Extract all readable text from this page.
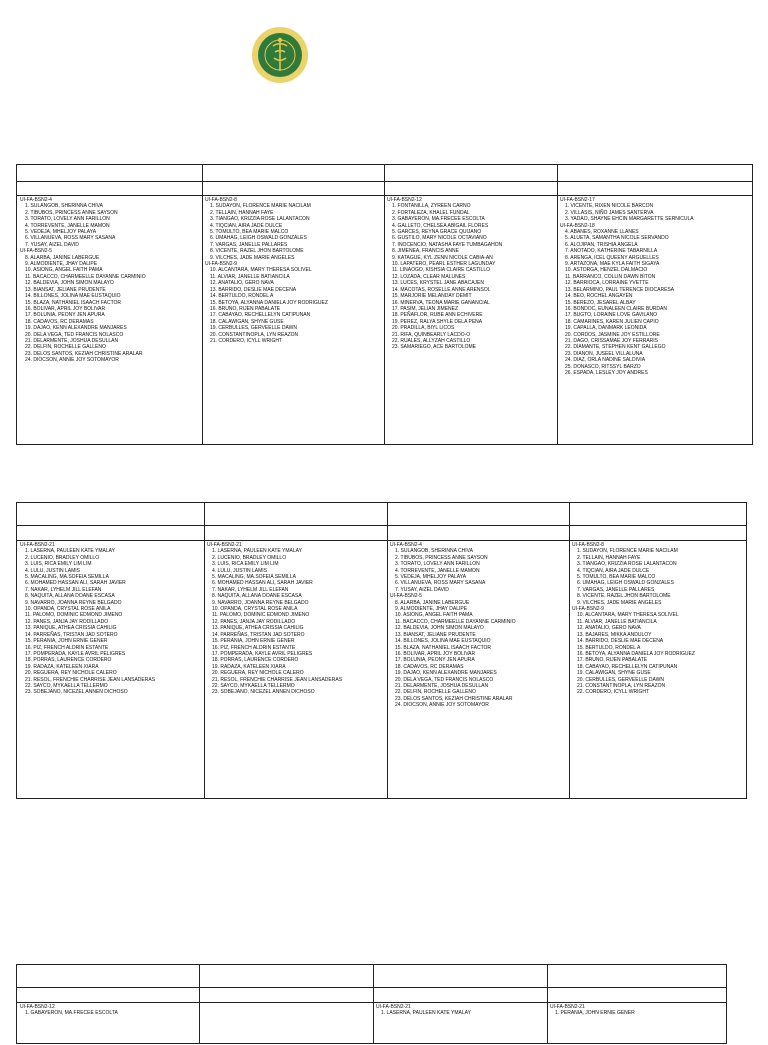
UI-FA-BSN2-4
1. SULANGOB, SHERINNA CHIVA
2. TIBUBOS, PRINCESS ANNE SAYSON
3. TORATO, LOVELY ANN FARILLON
4. TORREVENTE, JANELLE MAMON
5. VEDEJA, MHELJOY PALAYA
6. VILLANUEVA, ROSS MARY SASANA
7. YUSAY, AIZEL DAVID
UI-FA-BSN2-5
8. ALARBA, JANINE LABERGUE
9. ALMODIENTE, JHAY DALIPE
10. ASIONG, ANGEL FAITH PAMA
11. BACACCO, CHARMEELLE DAYANNE CARMINIO
12. BALDEVIA, JOHN SIMON MALAYO
13. BIANSAT, JELIANE PRUDENTE
14. BILLONES, JOLINA MAE EUSTAQUIO
15. BLAZA, NATHANIEL ISAACH FACTOR
16. BOLIVAR, APRIL JOY BOLIVAR
17. BOLUNIA, PEONY JEN APURA
18. CADAVOS, RC DERAMAS
19. DAJAO, KENN ALEXANDRE MANJARES
20. DELA VEGA, TED FRANCIS NOLASCO
21. DELARMENTE, JOSHUA DESULLAN
22. DELFIN, ROCHELLE GALLENO
23. DELOS SANTOS, KEZIAH CHRISTINE ARALAR
24. DIOCSON, ANNIE JOY SOTOMAYOR
UI-FA-BSN2-8
1. SUDAYON, FLORENCE MARIE NACILAM
2. TELLAIN, HANNAH FAYE
3. TIANGAO, KRIZZIA ROSE LALANTACON
4. TIQCIAN, AIRA JADE DULCE
5. TOMULTO, BEA MARIE MALCO
6. UMAHAG, LEIGH OSWALD GONZALES
7. VARGAS, JANELLE PALLARES
8. VICENTE, RAZEL JHON BARTOLOME
9. VILCHES, JADE MARIE ANGELES
UI-FA-BSN2-9
10. ALCANTARA, MARY THERESA SOLIVEL
11. ALVIAR, JANELLE BATIANCILA
12. ANATALIO, GERO NAVA
13. BARRIDO, DESLIE MAE DECENA
14. BERTULDO, RONDEL A
15. BETOYA, ALYANNA DANIELA JOY RODRIGUEZ
16. BRUNO, RIJEN PABALATE
17. CABAYAO, RECHELLELYN CATIPUNAN
18. CALAWIGAN, SHYNE GUSE
19. CERBULLES, GERVEELLE DAWN
20. CONSTANTINOPLA, LYN REAZON
21. CORDERO, ICYLL WRIGHT
UI-FA-BSN2-12
1. FONTANILLA, ZYREEN CARNO
2. FORTALEZA, KHALEL FUNDAL
3. GABAYERON, MA.FRECEE ESCOLTA
4. GALLETO, CHELSEA ABIGAIL FLORES
5. GARCES, REYNA GRACE QUIJANO
6. GUSTILO, MARY NICOLE OCTAVIANO
7. INOCENCIO, NATASHA FAYE TUMBAGAHON
8. JIMENEA, FRANCIS ANNE
9. KATAGUE, KYL ZENN NICOLE CABIA-AN
10. LAPATERO, PEARL ESTHER LAGUNDAY
11. LINAOGO, KISHSIA CLAIRE CASTILLO
12. LOZADA, CLEAR MALUNES
13. LUCES, KRYSTEL JANE ABACAJEN
14. MACOTAS, ROSELLE ANNE ARENSOL
15. MARJORIE MELANDAY DEMIT
16. MINERVA, TEONA MARIE GANANCIAL
17. PASIM, JELIAN JIMENEZ
18. PEÑAFLOR, RUBE ANN ECHIVERE
19. PEREZ, RALYA SHYLE DELA PENA
20. PRADILLA, BIYL LICOS
21. RIFA, QUINBEARLY LACDO-O
22. RUALES, ALLYZAH CASTILLO
23. SAMARIEGO, ACE BARTOLOME
UI-FA-BSN2-17
1. VICENTE, RIXEN NICOLE BARCON
2. VILLASIS, NIÑO JAMES SANTERVA
3. YADAO, SHAYNE EHCIN MARGARETTE SERNICULA
UI-FA-BSN2-18
4. ABANES, ROXANNE LLANES
5. ALUETA, SAMANTHA NICOLE SERVANDO
6. ALOJIPAN, TRISHIA ANGELA
7. ANOTADO, KATHERINE TABARNILLA
8. ARENGA, ICEL QUEENY ARGUELLES
9. ARTAZONA, MAE KYLA FAITH SIGAYA
10. ASTORGA, HENZEL DALMACIO
11. BARRANCO, COLLIN DAWN BITON
12. BARRIOCA, LORRAINE YVETTE
13. BELARMINO, PAUL TERENCE DIOCARESA
14. BEO, ROCHEL ANGAYEN
15. BEREZO, JESAREL ALBAY
16. BONDOC, EUNALEEN CLAIRE BURDAN
17. BUGTO, LORAINE LOVE GAVILANO
18. CAMARINES, KAREN JULIEN CAPIO
19. CAPALLA, DANMARK LEONIDA
20. CORDOS, JASMINE JOY ESTILLORE
21. DAGO, CRISSAMAE JOY FERRARIS
22. DIAMANTE, STEPHEN KENT GALLEGO
23. DIANON, JUSEEL VILLALUNA
24. DIAZ, ORLA NADINE SALDIVIA
25. DONASCO, RITSSYL BARZO
26. ESPADA, LESLEY JOY ANDRES
UI-FA-BSN2-21
1. LASERNA, PAULEEN KATE YMALAY
2. LUCENIO, BRADLEY OMILLO
3. LUIS, RICA EMILY LIM LIM
4. LULU, JUSTIN LAMIS
5. MACALING, MA.SOFEIA SEMILLA
6. MOHAMED HASSAN ALI, SARAH JAVIER
7. NAKAR, LYHELM JILL ELEFAN
8. NAQUITA, ALLANA DOANE ESCASA
9. NAVARRO, JOANNA REYNE BELGADO
10. OPANDA, CRYSTAL ROSE ANILA
11. PALOMO, DOMINIC EDMOND JIMENO
12. PANES, JANJA JAY RODILLADO
13. PANIQUE, ATHEA CRISSIA CAHILIG
14. PARREÑAS, TRISTAN JAD SOTERO
15. PERANIA, JOHN ERNIE GENER
16. PIZ, FRENCH ALDRIN ESTANTE
17. POMPERADA, KAYLE AVRIL PELIGRES
18. PORRAS, LAURENCE CORDERO
19. RADAZA, KATELEEN XIARA
20. REGUERA, REY NICHOLE CALERO
21. RESOL, FRENCHIE CHARRISE JEAN LANSADERAS
22. SAYCO, MYKAELLA TELLERMO
23. SOBEJANO, NICEZEL ANNEN DICHOSO
UI-FA-BSN2-21
1. LASERNA, PAULEEN KATE YMALAY
2. LUCENIO, BRADLEY OMILLO
3. LUIS, RICA EMILY LIM LIM
4. LULU, JUSTIN LAMIS
5. MACALING, MA.SOFEIA SEMILLA
6. MOHAMED HASSAN ALI, SARAH JAVIER
7. NAKAR, LYHELM JILL ELEFAN
8. NAQUITA, ALLANA DOANE ESCASA
9. NAVARRO, JOANNA REYNE BELGADO
10. OPANDA, CRYSTAL ROSE ANILA
11. PALOMO, DOMINIC EDMOND JIMENO
12. PANES, JANJA JAY RODILLADO
13. PANIQUE, ATHEA CRISSIA CAHILIG
14. PARREÑAS, TRISTAN JAD SOTERO
15. PERANIA, JOHN ERNIE GENER
16. PIZ, FRENCH ALDRIN ESTANTE
17. POMPERADA, KAYLE AVRIL PELIGRES
18. PORRAS, LAURENCE CORDERO
19. RADAZA, KATELEEN XIARA
20. REGUERA, REY NICHOLE CALERO
21. RESOL, FRENCHIE CHARRISE JEAN LANSADERAS
22. SAYCO, MYKAELLA TELLERMO
23. SOBEJANO, NICEZEL ANNEN DICHOSO
UI-FA-BSN2-4
1. SULANGOB, SHERINNA CHIVA
2. TIBUBOS, PRINCESS ANNE SAYSON
3. TORATO, LOVELY ANN FARILLON
4. TORREVENTE, JANELLE MAMON
5. VEDEJA, MHELJOY PALAYA
6. VILLANUEVA, ROSS MARY SASANA
7. YUSAY, AIZEL DAVID
UI-FA-BSN2-5
8. ALARBA, JANINE LABERGUE
9. ALMODIENTE, JHAY DALIPE
10. ASIONG, ANGEL FAITH PAMA
11. BACACCO, CHARMEELLE DAYANNE CARMINIO
12. BALDEVIA, JOHN SIMON MALAYO
13. BIANSAT, JELIANE PRUDENTE
14. BILLONES, JOLINA MAE EUSTAQUIO
15. BLAZA, NATHANIEL ISAACH FACTOR
16. BOLIVAR, APRIL JOY BOLIVAR
17. BOLUNIA, PEONY JEN APURA
18. CADAVOS, RC DERAMAS
19. DAJAO, KENN ALEXANDRE MANJARES
20. DELA VEGA, TED FRANCIS NOLASCO
21. DELARMENTE, JOSHUA DESULLAN
22. DELFIN, ROCHELLE GALLENO
23. DELOS SANTOS, KEZIAH CHRISTINE ARALAR
24. DIOCSON, ANNIE JOY SOTOMAYOR
UI-FA-BSN2-8
1. SUDAYON, FLORENCE MARIE NACILAM
2. TELLAIN, HANNAH FAYE
3. TIANGAO, KRIZZIA ROSE LALANTACON
4. TIQCIAN, AIRA JADE DULCE
5. TOMULTO, BEA MARIE MALCO
6. UMAHAG, LEIGH OSWALD GONZALES
7. VARGAS, JANELLE PALLARES
8. VICENTE, RAZEL JHON BARTOLOME
9. VILCHES, JADE MARIE ANGELES
UI-FA-BSN2-9
10. ALCANTARA, MARY THERESA SOLIVEL
11. ALVIAR, JANELLE BATIANCILA
12. ANATALIO, GERO NAVA
13. BAJARES, MIKKA ANDULOY
14. BARRIDO, DESLIE MAE DECENA
15. BERTULDO, RONDEL A
16. BETOYA, ALYANNA DANIELA JOY RODRIGUEZ
17. BRUNO, RIJEN PABALATE
18. CABAYAO, RECHELLELYN CATIPUNAN
19. CALAWIGAN, SHYNE GUSE
20. CERBULLES, GERVEELLE DAWN
21. CONSTANTINOPLA, LYN REAZON
22. CORDERO, ICYLL WRIGHT
UI-FA-BSN2-12
1. GABAYERON, MA.FRECEE ESCOLTA
UI-FA-BSN2-21
1. LASERNA, PAULEEN KATE YMALAY
UI-FA-BSN2-21
1. PERANIA, JOHN ERNIE GENER
